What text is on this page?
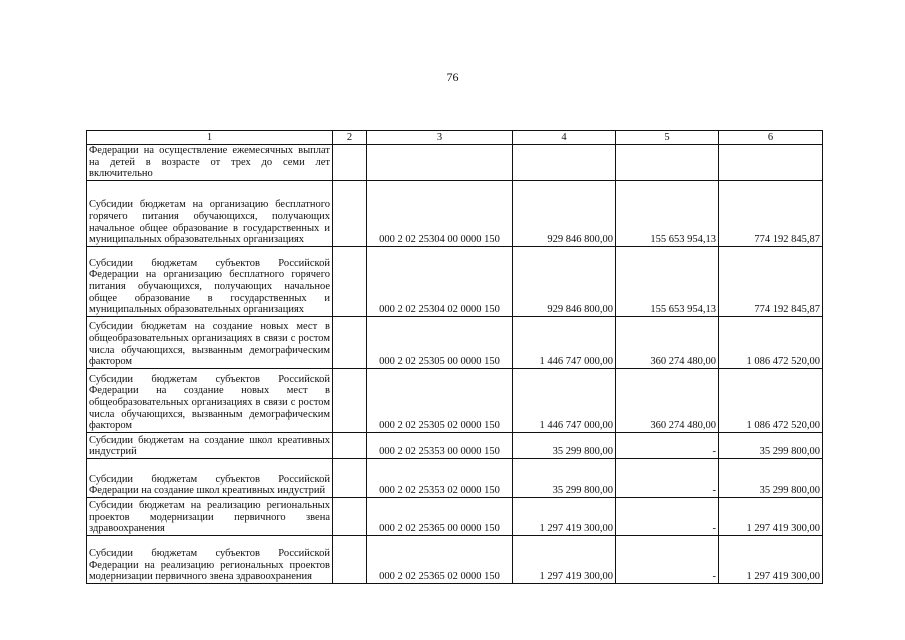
76
1	2	3	4	5	6
Федерации на осуществление ежемесячных выплат на детей в возрасте от трех до семи лет включительно					
Субсидии бюджетам на организацию бесплатного горячего питания обучающихся, получающих начальное общее образование в государственных и муниципальных образовательных организациях		000 2 02 25304 00 0000 150	929 846 800,00	155 653 954,13	774 192 845,87
Субсидии бюджетам субъектов Российской Федерации на организацию бесплатного горячего питания обучающихся, получающих начальное общее образование в государственных и муниципальных образовательных организациях		000 2 02 25304 02 0000 150	929 846 800,00	155 653 954,13	774 192 845,87
Субсидии бюджетам на создание новых мест в общеобразовательных организациях в связи с ростом числа обучающихся, вызванным демографическим фактором		000 2 02 25305 00 0000 150	1 446 747 000,00	360 274 480,00	1 086 472 520,00
Субсидии бюджетам субъектов Российской Федерации на создание новых мест в общеобразовательных организациях в связи с ростом числа обучающихся, вызванным демографическим фактором		000 2 02 25305 02 0000 150	1 446 747 000,00	360 274 480,00	1 086 472 520,00
Субсидии бюджетам на создание школ креативных индустрий		000 2 02 25353 00 0000 150	35 299 800,00	-	35 299 800,00
Субсидии бюджетам субъектов Российской Федерации на создание школ креативных индустрий		000 2 02 25353 02 0000 150	35 299 800,00	-	35 299 800,00
Субсидии бюджетам на реализацию региональных проектов модернизации первичного звена здравоохранения		000 2 02 25365 00 0000 150	1 297 419 300,00	-	1 297 419 300,00
Субсидии бюджетам субъектов Российской Федерации на реализацию региональных проектов модернизации первичного звена здравоохранения		000 2 02 25365 02 0000 150	1 297 419 300,00	-	1 297 419 300,00
